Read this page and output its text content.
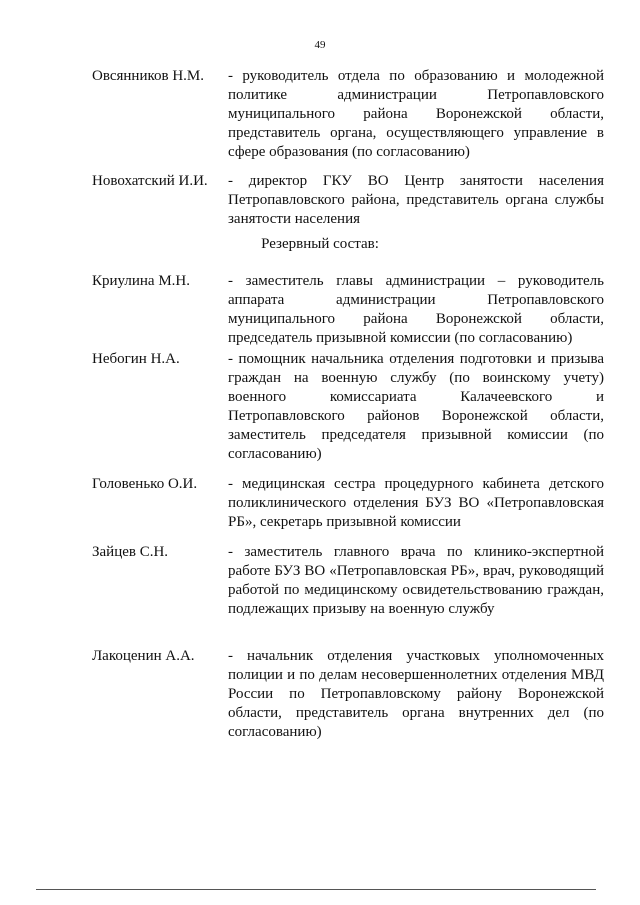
49
Овсянников Н.М. - руководитель отдела по образованию и молодежной политике администрации Петропавловского муниципального района Воронежской области, представитель органа, осуществляющего управление в сфере образования (по согласованию)
Новохатский И.И. - директор ГКУ ВО Центр занятости населения Петропавловского района, представитель органа службы занятости населения
Резервный состав:
Криулина М.Н.	- заместитель главы администрации – руководитель аппарата администрации Петропавловского муниципального района Воронежской области, председатель призывной комиссии (по согласованию)
Небогин Н.А.	- помощник начальника отделения подготовки и призыва граждан на военную службу (по воинскому учету) военного комиссариата Калачеевского и Петропавловского районов Воронежской области, заместитель председателя призывной комиссии (по согласованию)
Головенько О.И. - медицинская сестра процедурного кабинета детского поликлинического отделения БУЗ ВО «Петропавловская РБ», секретарь призывной комиссии
Зайцев С.Н.	- заместитель главного врача по клинико-экспертной работе БУЗ ВО «Петропавловская РБ», врач, руководящий работой по медицинскому освидетельствованию граждан, подлежащих призыву на военную службу
Лакоценин А.А. - начальник отделения участковых уполномоченных полиции и по делам несовершеннолетних отделения МВД России по Петропавловскому району Воронежской области, представитель органа внутренних дел (по согласованию)
